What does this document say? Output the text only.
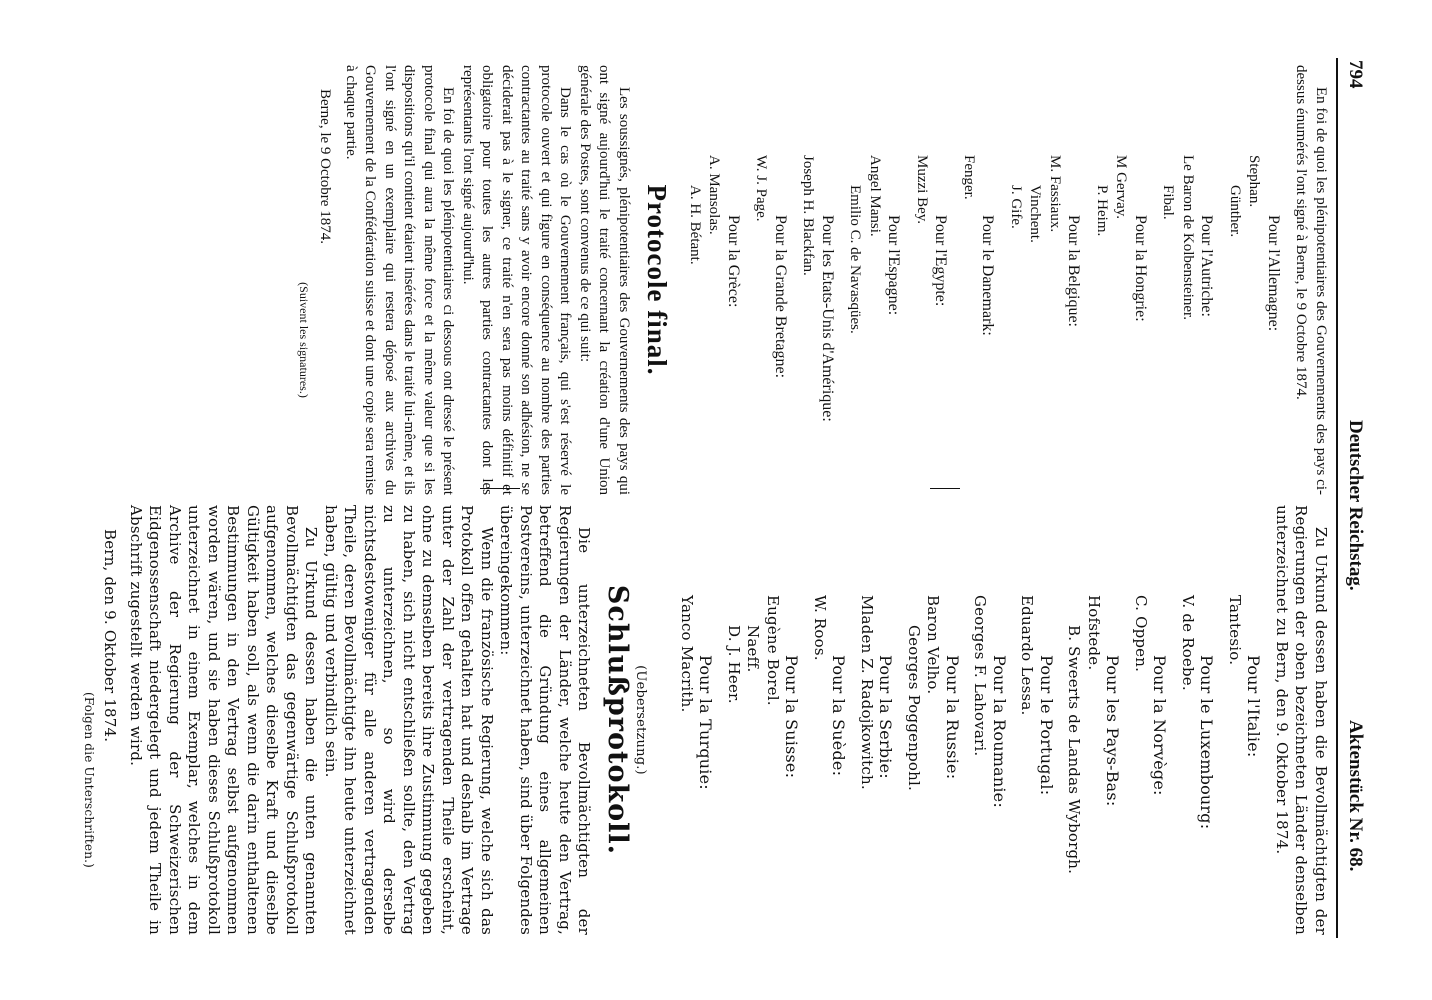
794
Deutscher Reichstag.
Aktenstück Nr. 68.

En foi de quoi les plénipotentiaires des Gouvernements des pays ci-dessus énumérés l'ont signé à Berne, le 9 Octobre 1874.

Pour l'Allemagne:
Stephan.
Günther.
Pour l'Autriche:
Le Baron de Kolbensteiner.
Fibal.
Pour la Hongrie:
M Gervay.
P. Heim.
Pour la Belgique:
M. Fassiaux.
Vinchent.
J. Gife.
Pour le Danemark:
Fenger.
Pour l'Egypte:
Muzzi Bey.
Pour l'Espagne:
Angel Mansi.
Emilio C. de Navasqües.
Pour les Etats-Unis d'Amérique:
Joseph H. Blackfan.
Pour la Grande Bretagne:
W. J. Page.
Pour la Grèce:
A. Mansolas.
A. H. Bétant.
Protocole final.

Les soussignés, plénipotentiaires des Gouvernements des pays qui ont signé aujourd'hui le traité concernant la création d'une Union générale des Postes, sont convenus de ce qui suit:

Dans le cas où le Gouvernement français, qui s'est réservé le protocole ouvert et qui figure en conséquence au nombre des parties contractantes au traité sans y avoir encore donné son adhésion, ne se déciderait pas à le signer, ce traité n'en sera pas moins définitif et obligatoire pour toutes les autres parties contractantes dont les représentants l'ont signé aujourd'hui.

En foi de quoi les plénipotentiaires ci dessous ont dressé le présent protocole final qui aura la même force et la même valeur que si les dispositions qu'il contient étaient insérées dans le traité lui-même, et ils l'ont signé en un exemplaire qui restera déposé aux archives du Gouvernement de la Confédération suisse et dont une copie sera remise à chaque partie.

Berne, le 9 Octobre 1874.

(Suivent les signatures.)

Zu Urkund dessen haben die Bevollmächtigten der Regierungen der oben bezeichneten Länder denselben unterzeichnet zu Bern, den 9. Oktober 1874.

Pour l'Italie:
Tantesio.
Pour le Luxembourg:
V. de Roebe.
Pour la Norvège:
C. Oppen.
Pour les Pays-Bas:
Hofstede.
B. Sweerts de Landas Wyborgh.
Pour le Portugal:
Eduardo Lessa.
Pour la Roumanie:
Georges F. Lahovari.
Pour la Russie:
Baron Velho.
Georges Poggenpohl.
Pour la Serbie:
Mladen Z. Radojkowitch.
Pour la Suède:
W. Roos.
Pour la Suisse:
Eugène Borel.
Naeff.
D. J. Heer.
Pour la Turquie:
Yanco Macrith.
(Uebersetzung.)
Schlußprotokoll.

Die unterzeichneten Bevollmächtigten der Regierungen der Länder, welche heute den Vertrag, betreffend die Gründung eines allgemeinen Postvereins, unterzeichnet haben, sind über Folgendes übereingekommen:

Wenn die französische Regierung, welche sich das Protokoll offen gehalten hat und deshalb im Vertrage unter der Zahl der vertragenden Theile erscheint, ohne zu demselben bereits ihre Zustimmung gegeben zu haben, sich nicht entschließen sollte, den Vertrag zu unterzeichnen, so wird derselbe nichtsdestoweniger für alle anderen vertragenden Theile, deren Bevollmächtigte ihn heute unterzeichnet haben, gültig und verbindlich sein.

Zu Urkund dessen haben die unten genannten Bevollmächtigten das gegenwärtige Schlußprotokoll aufgenommen, welches dieselbe Kraft und dieselbe Gültigkeit haben soll, als wenn die darin enthaltenen Bestimmungen in den Vertrag selbst aufgenommen worden wären, und sie haben dieses Schlußprotokoll unterzeichnet in einem Exemplar, welches in dem Archive der Regierung der Schweizerischen Eidgenossenschaft niedergelegt und jedem Theile in Abschrift zugestellt werden wird.

Bern, den 9. Oktober 1874.

(Folgen die Unterschriften.)
